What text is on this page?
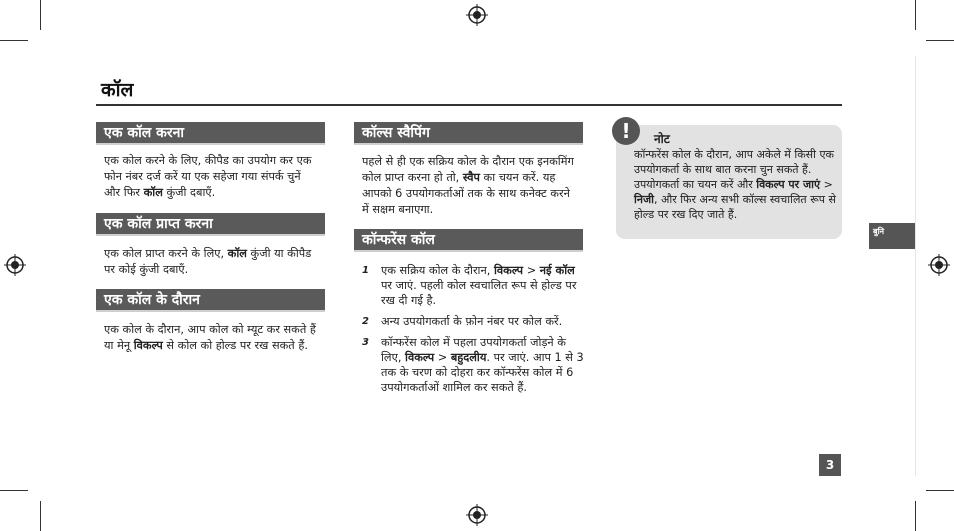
कॉल
एक कॉल करना

एक कोल करने के लिए, कीपैड का उपयोग कर एक फोन नंबर दर्ज करें या एक सहेजा गया संपर्क चुनें और फिर कॉल कुंजी दबाएँ.

एक कॉल प्राप्त करना

एक कोल प्राप्त करने के लिए, कॉल कुंजी या कीपैड पर कोई कुंजी दबाएँ.

एक कॉल के दौरान

एक कोल के दौरान, आप कोल को म्यूट कर सकते हैं या मेनू विकल्प से कोल को होल्ड पर रख सकते हैं.

कॉल्स स्वैपिंग

पहले से ही एक सक्रिय कोल के दौरान एक इनकमिंग कोल प्राप्त करना हो तो, स्वैप का चयन करें. यह आपको 6 उपयोगकर्ताओं तक के साथ कनेक्ट करने में सक्षम बनाएगा.

कॉन्फरेंस कॉल
1 एक सक्रिय कोल के दौरान, विकल्प > नई कॉल पर जाएं. पहली कोल स्वचालित रूप से होल्ड पर रख दी गई है.
2 अन्य उपयोगकर्ता के फ़ोन नंबर पर कोल करें.
3 कॉन्फरेंस कोल में पहला उपयोगकर्ता जोड़ने के लिए, विकल्प > बहुदलीय. पर जाएं. आप 1 से 3 तक के चरण को दोहरा कर कॉन्फरेंस कोल में 6 उपयोगकर्ताओं शामिल कर सकते हैं.
!	नोट

कॉन्फरेंस कोल के दौरान, आप अकेले में किसी एक उपयोगकर्ता के साथ बात करना चुन सकते हैं. उपयोगकर्ता का चयन करें और विकल्प पर जाएं > निजी, और फिर अन्य सभी कॉल्स स्वचालित रूप से होल्ड पर रख दिए जाते हैं.

बुनि
3
